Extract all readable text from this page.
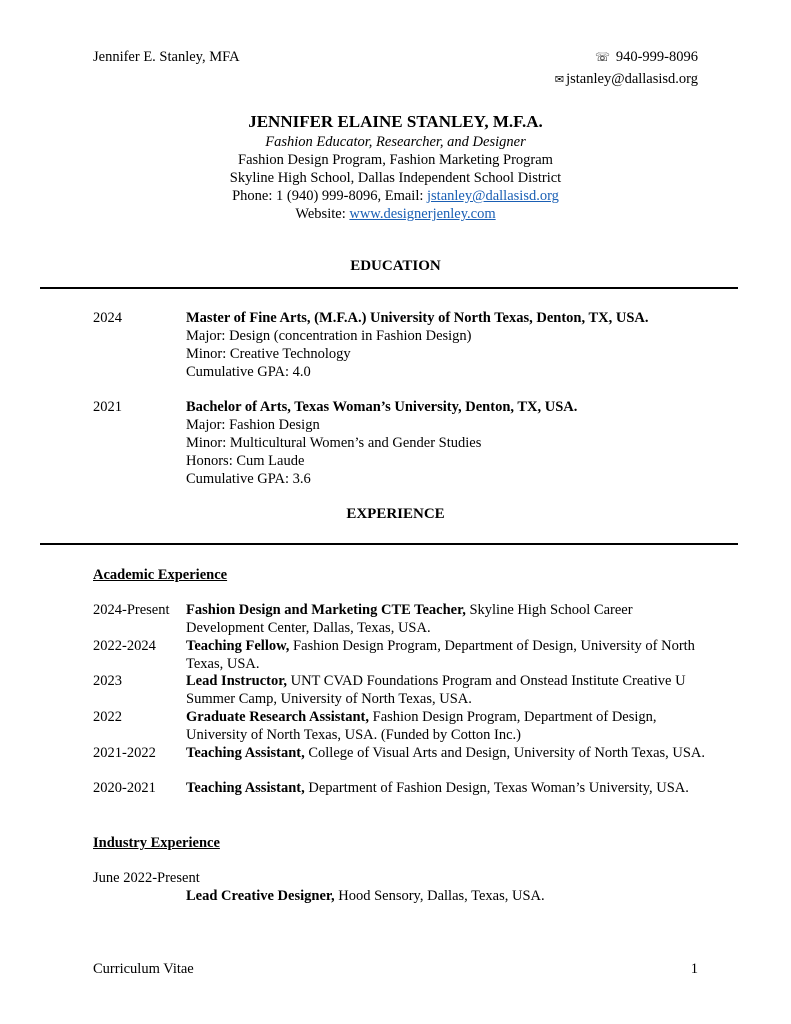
Jennifer E. Stanley, MFA	☏ 940-999-8096
✉ jstanley@dallasisd.org
JENNIFER ELAINE STANLEY, M.F.A.
Fashion Educator, Researcher, and Designer
Fashion Design Program, Fashion Marketing Program
Skyline High School, Dallas Independent School District
Phone: 1 (940) 999-8096, Email: jstanley@dallasisd.org
Website: www.designerjenley.com
EDUCATION
2024	Master of Fine Arts, (M.F.A.) University of North Texas, Denton, TX, USA.
Major: Design (concentration in Fashion Design)
Minor: Creative Technology
Cumulative GPA: 4.0
2021	Bachelor of Arts, Texas Woman’s University, Denton, TX, USA.
Major: Fashion Design
Minor: Multicultural Women’s and Gender Studies
Honors: Cum Laude
Cumulative GPA: 3.6
EXPERIENCE
Academic Experience
2024-Present	Fashion Design and Marketing CTE Teacher, Skyline High School Career Development Center, Dallas, Texas, USA.
2022-2024	Teaching Fellow, Fashion Design Program, Department of Design, University of North Texas, USA.
2023	Lead Instructor, UNT CVAD Foundations Program and Onstead Institute Creative U Summer Camp, University of North Texas, USA.
2022	Graduate Research Assistant, Fashion Design Program, Department of Design, University of North Texas, USA. (Funded by Cotton Inc.)
2021-2022	Teaching Assistant, College of Visual Arts and Design, University of North Texas, USA.
2020-2021	Teaching Assistant, Department of Fashion Design, Texas Woman’s University, USA.
Industry Experience
June 2022-Present
Lead Creative Designer, Hood Sensory, Dallas, Texas, USA.
Curriculum Vitae	1
